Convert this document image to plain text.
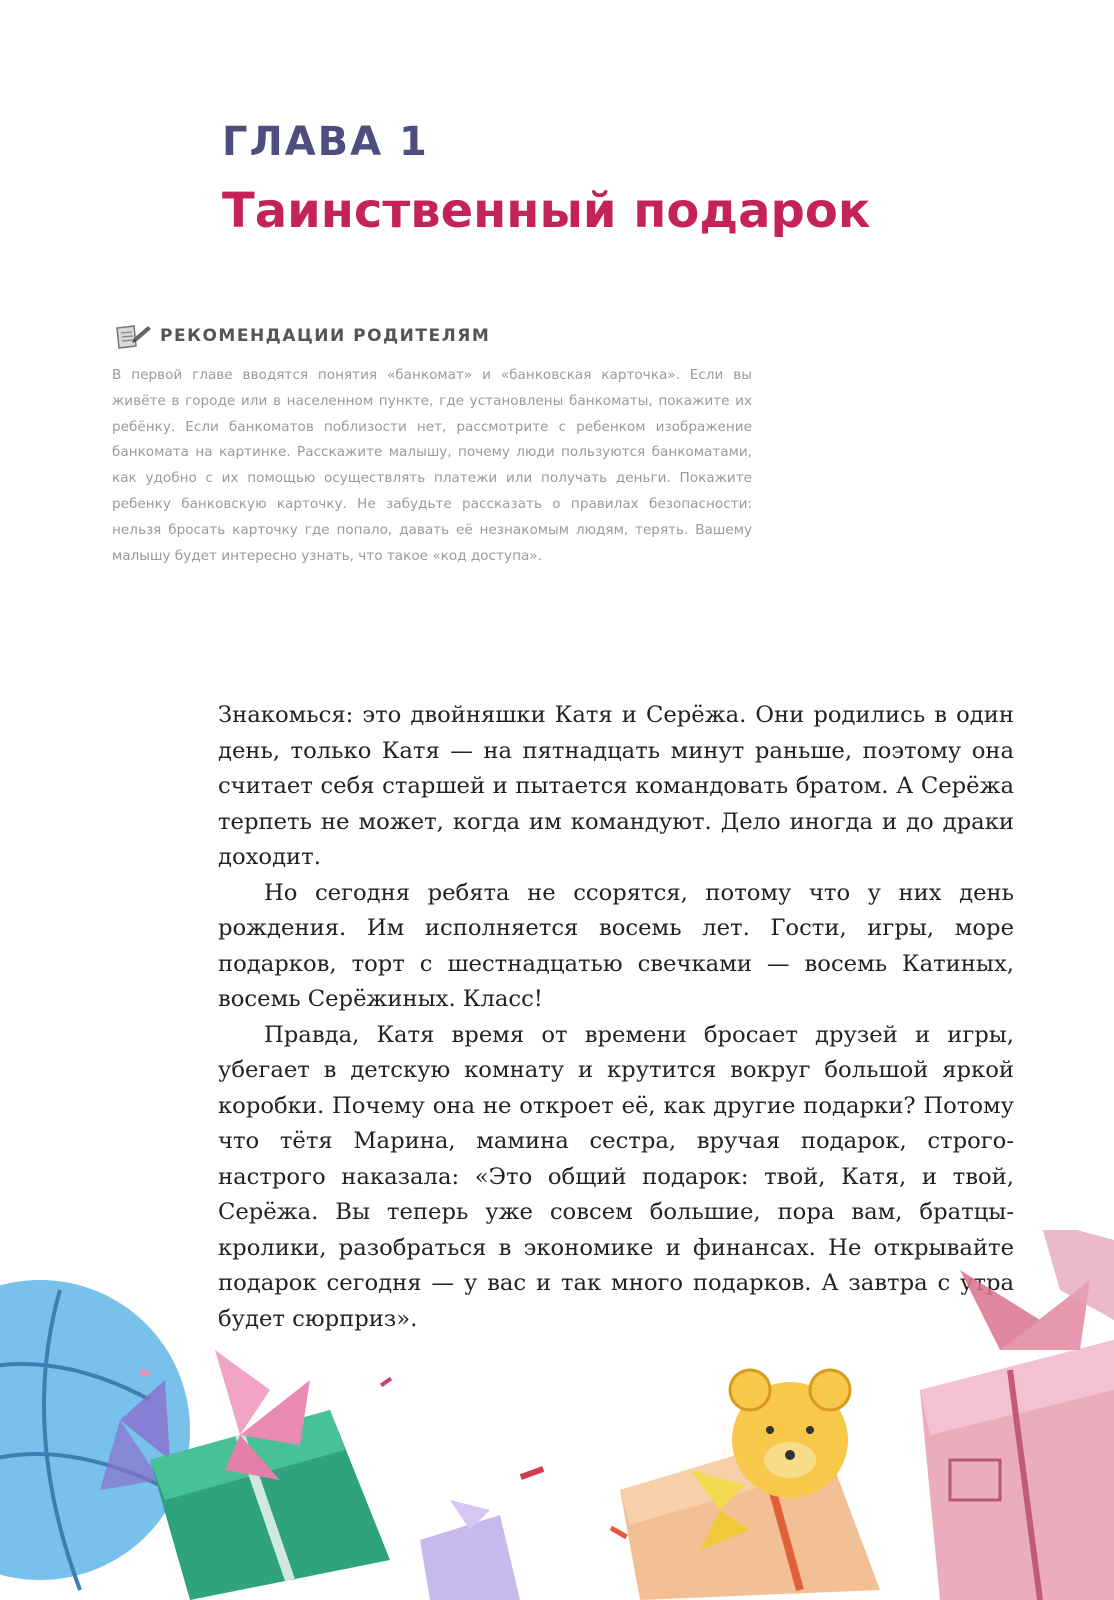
ГЛАВА 1
Таинственный подарок
РЕКОМЕНДАЦИИ РОДИТЕЛЯМ

В первой главе вводятся понятия «банкомат» и «банковская карточка». Если вы живёте в городе или в населенном пункте, где установлены банкоматы, покажите их ребёнку. Если банкоматов поблизости нет, рассмотрите с ребенком изображение банкомата на картинке. Расскажите малышу, почему люди пользуются банкоматами, как удобно с их помощью осуществлять платежи или получать деньги. Покажите ребенку банковскую карточку. Не забудьте рассказать о правилах безопасности: нельзя бросать карточку где попало, давать её незнакомым людям, терять. Вашему малышу будет интересно узнать, что такое «код доступа».

Знакомься: это двойняшки Катя и Серёжа. Они родились в один день, только Катя — на пятнадцать минут раньше, поэтому она считает себя старшей и пытается командовать братом. А Серёжа терпеть не может, когда им командуют. Дело иногда и до драки доходит.

Но сегодня ребята не ссорятся, потому что у них день рождения. Им исполняется восемь лет. Гости, игры, море подарков, торт с шестнадцатью свечками — восемь Катиных, восемь Серёжиных. Класс!

Правда, Катя время от времени бросает друзей и игры, убегает в детскую комнату и крутится вокруг большой яркой коробки. Почему она не откроет её, как другие подарки? Потому что тётя Марина, мамина сестра, вручая подарок, строго-настрого наказала: «Это общий подарок: твой, Катя, и твой, Серёжа. Вы теперь уже совсем большие, пора вам, братцы-кролики, разобраться в экономике и финансах. Не открывайте подарок сегодня — у вас и так много подарков. А завтра с утра будет сюрприз».
